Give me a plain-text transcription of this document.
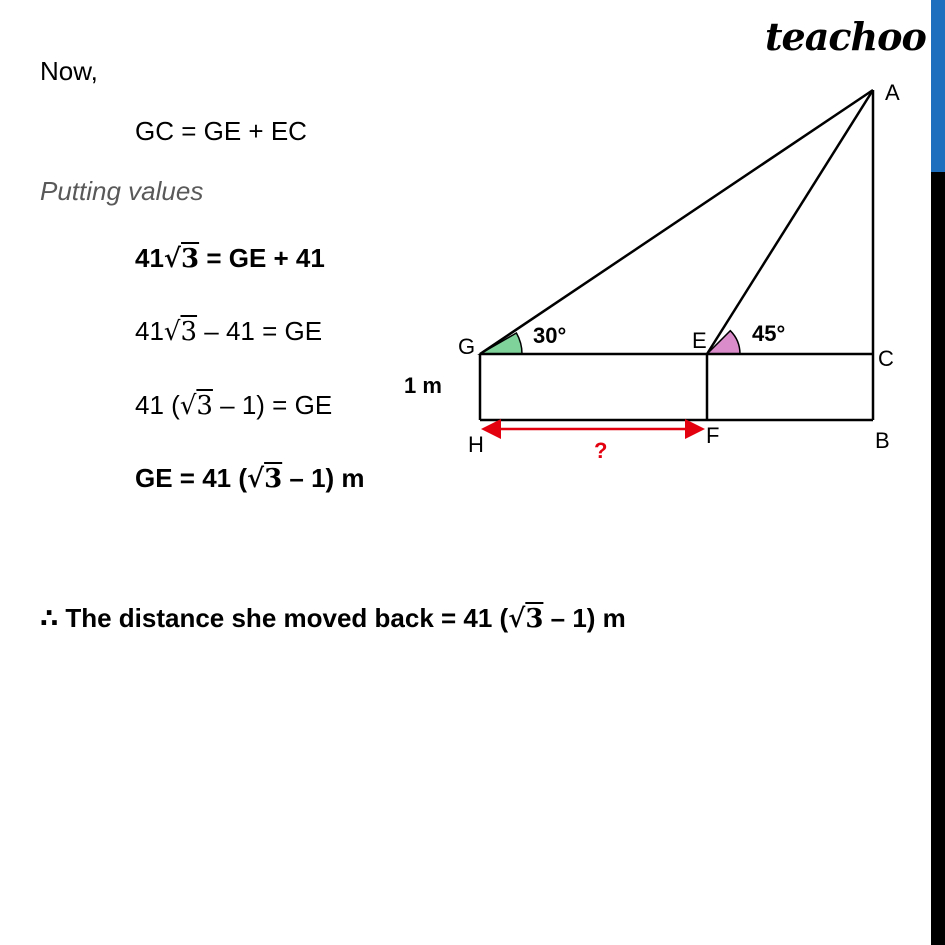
teachoo
Now,
GC = GE + EC
Putting values
41√3 = GE + 41
41√3 – 41 = GE
41 (√3 – 1) = GE
GE = 41 (√3 – 1) m
∴ The distance she moved back = 41 (√3 – 1) m
A
C
B
G	E
H	F
30°	45°
1 m
?
